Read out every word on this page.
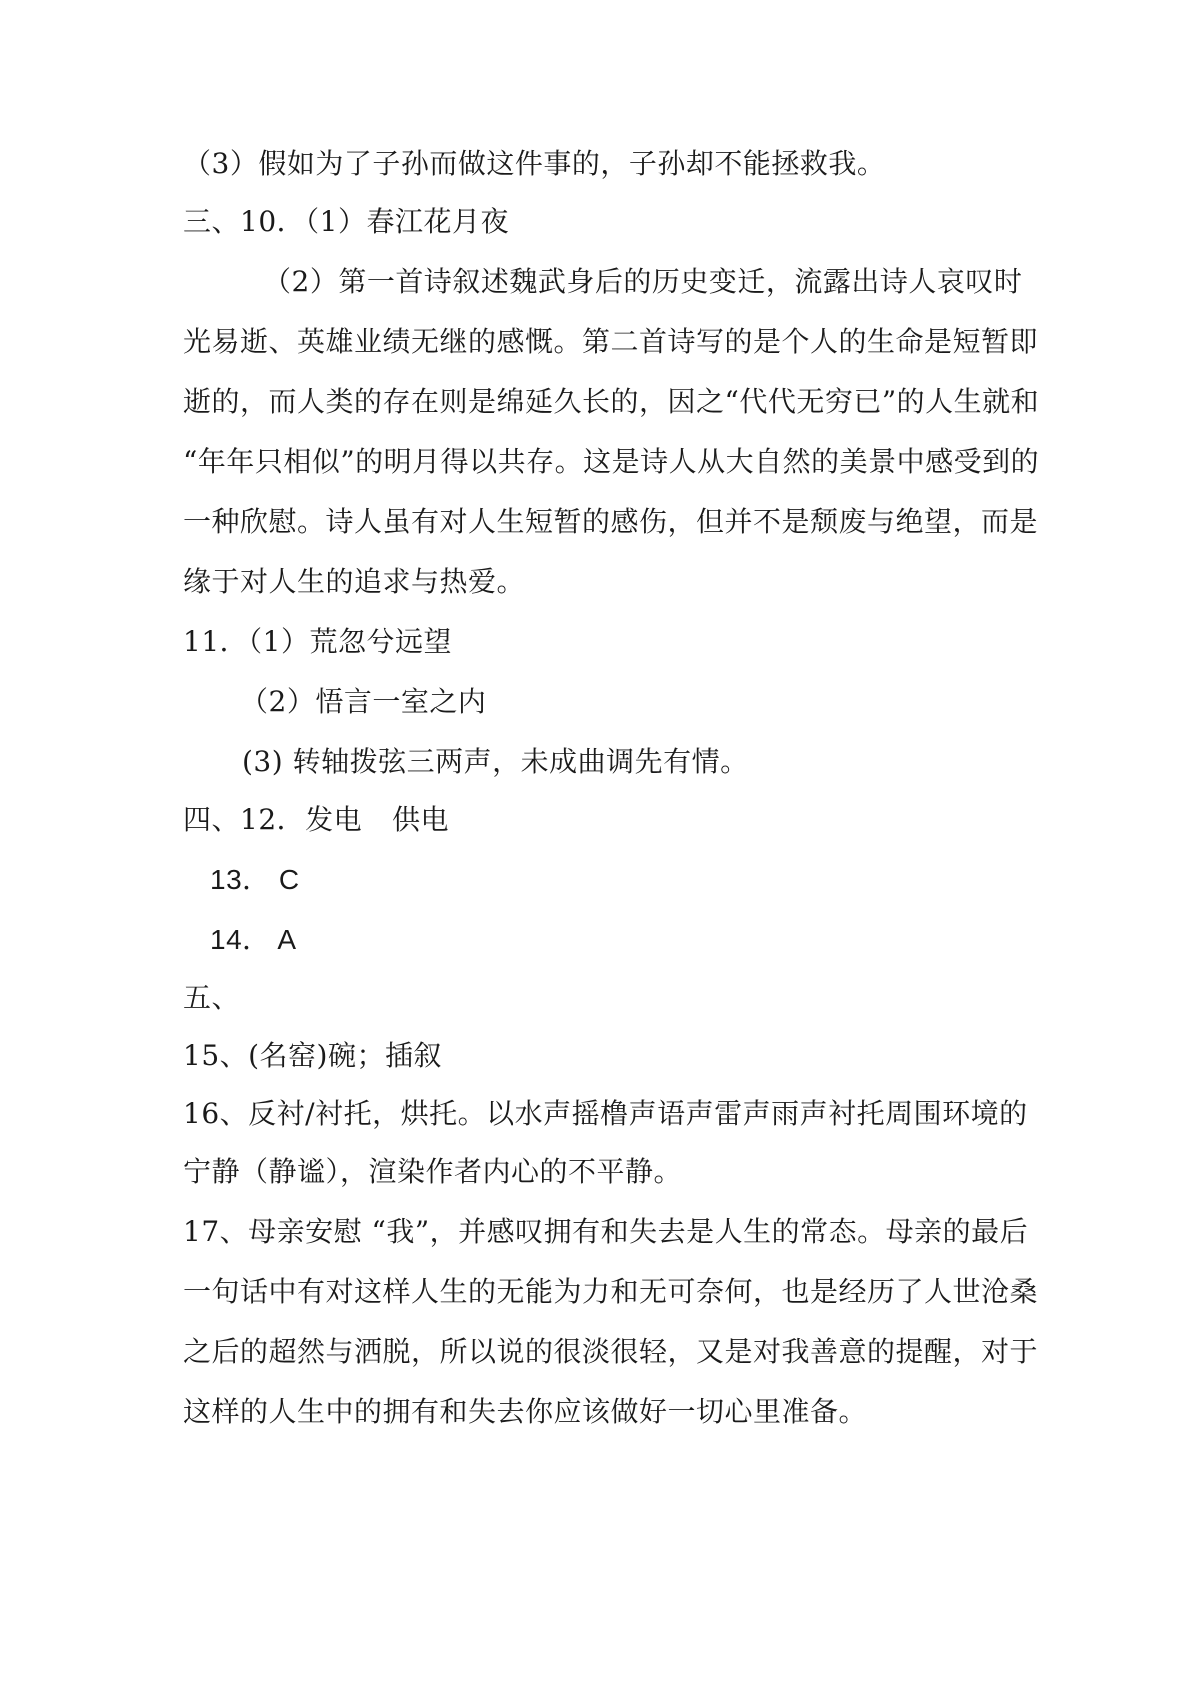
（3）假如为了子孙而做这件事的，子孙却不能拯救我。
三、10．（1）春江花月夜
（2）第一首诗叙述魏武身后的历史变迁，流露出诗人哀叹时
光易逝、英雄业绩无继的感慨。第二首诗写的是个人的生命是短暂即
逝的，而人类的存在则是绵延久长的，因之“代代无穷已”的人生就和
“年年只相似”的明月得以共存。这是诗人从大自然的美景中感受到的
一种欣慰。诗人虽有对人生短暂的感伤，但并不是颓废与绝望，而是
缘于对人生的追求与热爱。
11．（1）荒忽兮远望
（2）悟言一室之内
(3) 转轴拨弦三两声，未成曲调先有情。
四、12．发电	供电
13． C
14． A
五、
15、(名窑)碗；插叙
16、反衬/衬托，烘托。以水声摇橹声语声雷声雨声衬托周围环境的
宁静（静谧），渲染作者内心的不平静。
17、母亲安慰 “我”，并感叹拥有和失去是人生的常态。母亲的最后
一句话中有对这样人生的无能为力和无可奈何，也是经历了人世沧桑
之后的超然与洒脱，所以说的很淡很轻，又是对我善意的提醒，对于
这样的人生中的拥有和失去你应该做好一切心里准备。
